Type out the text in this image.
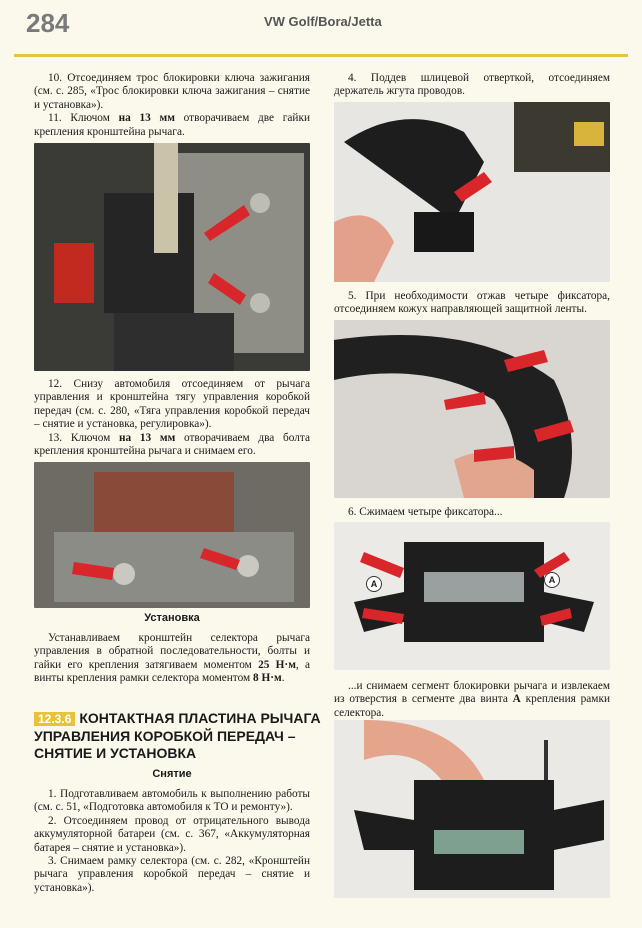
284	VW Golf/Bora/Jetta

10. Отсоединяем трос блокировки ключа зажигания (см. с. 285, «Трос блокировки ключа зажигания – снятие и установка»).

11. Ключом на 13 мм отворачиваем две гайки крепления кронштейна рычага.

12. Снизу автомобиля отсоединяем от рычага управления и кронштейна тягу управления коробкой передач (см. с. 280, «Тяга управления коробкой передач – снятие и установка, регулировка»).

13. Ключом на 13 мм отворачиваем два болта крепления кронштейна рычага и снимаем его.

Установка

Устанавливаем кронштейн селектора рычага управления в обратной последовательности, болты и гайки его крепления затягиваем моментом 25 Н·м, а винты крепления рамки селектора моментом 8 Н·м.

12.3.6 КОНТАКТНАЯ ПЛАСТИНА РЫЧАГА УПРАВЛЕНИЯ КОРОБКОЙ ПЕРЕДАЧ – СНЯТИЕ И УСТАНОВКА
Снятие

1. Подготавливаем автомобиль к выполнению работы (см. с. 51, «Подготовка автомобиля к ТО и ремонту»).

2. Отсоединяем провод от отрицательного вывода аккумуляторной батареи (см. с. 367, «Аккумуляторная батарея – снятие и установка»).

3. Снимаем рамку селектора (см. с. 282, «Кронштейн рычага управления коробкой передач – снятие и установка»).

4. Поддев шлицевой отверткой, отсоединяем держатель жгута проводов.

5. При необходимости отжав четыре фиксатора, отсоединяем кожух направляющей защитной ленты.

6. Сжимаем четыре фиксатора...

А	А

...и снимаем сегмент блокировки рычага и извлекаем из отверстия в сегменте два винта А крепления рамки селектора.
